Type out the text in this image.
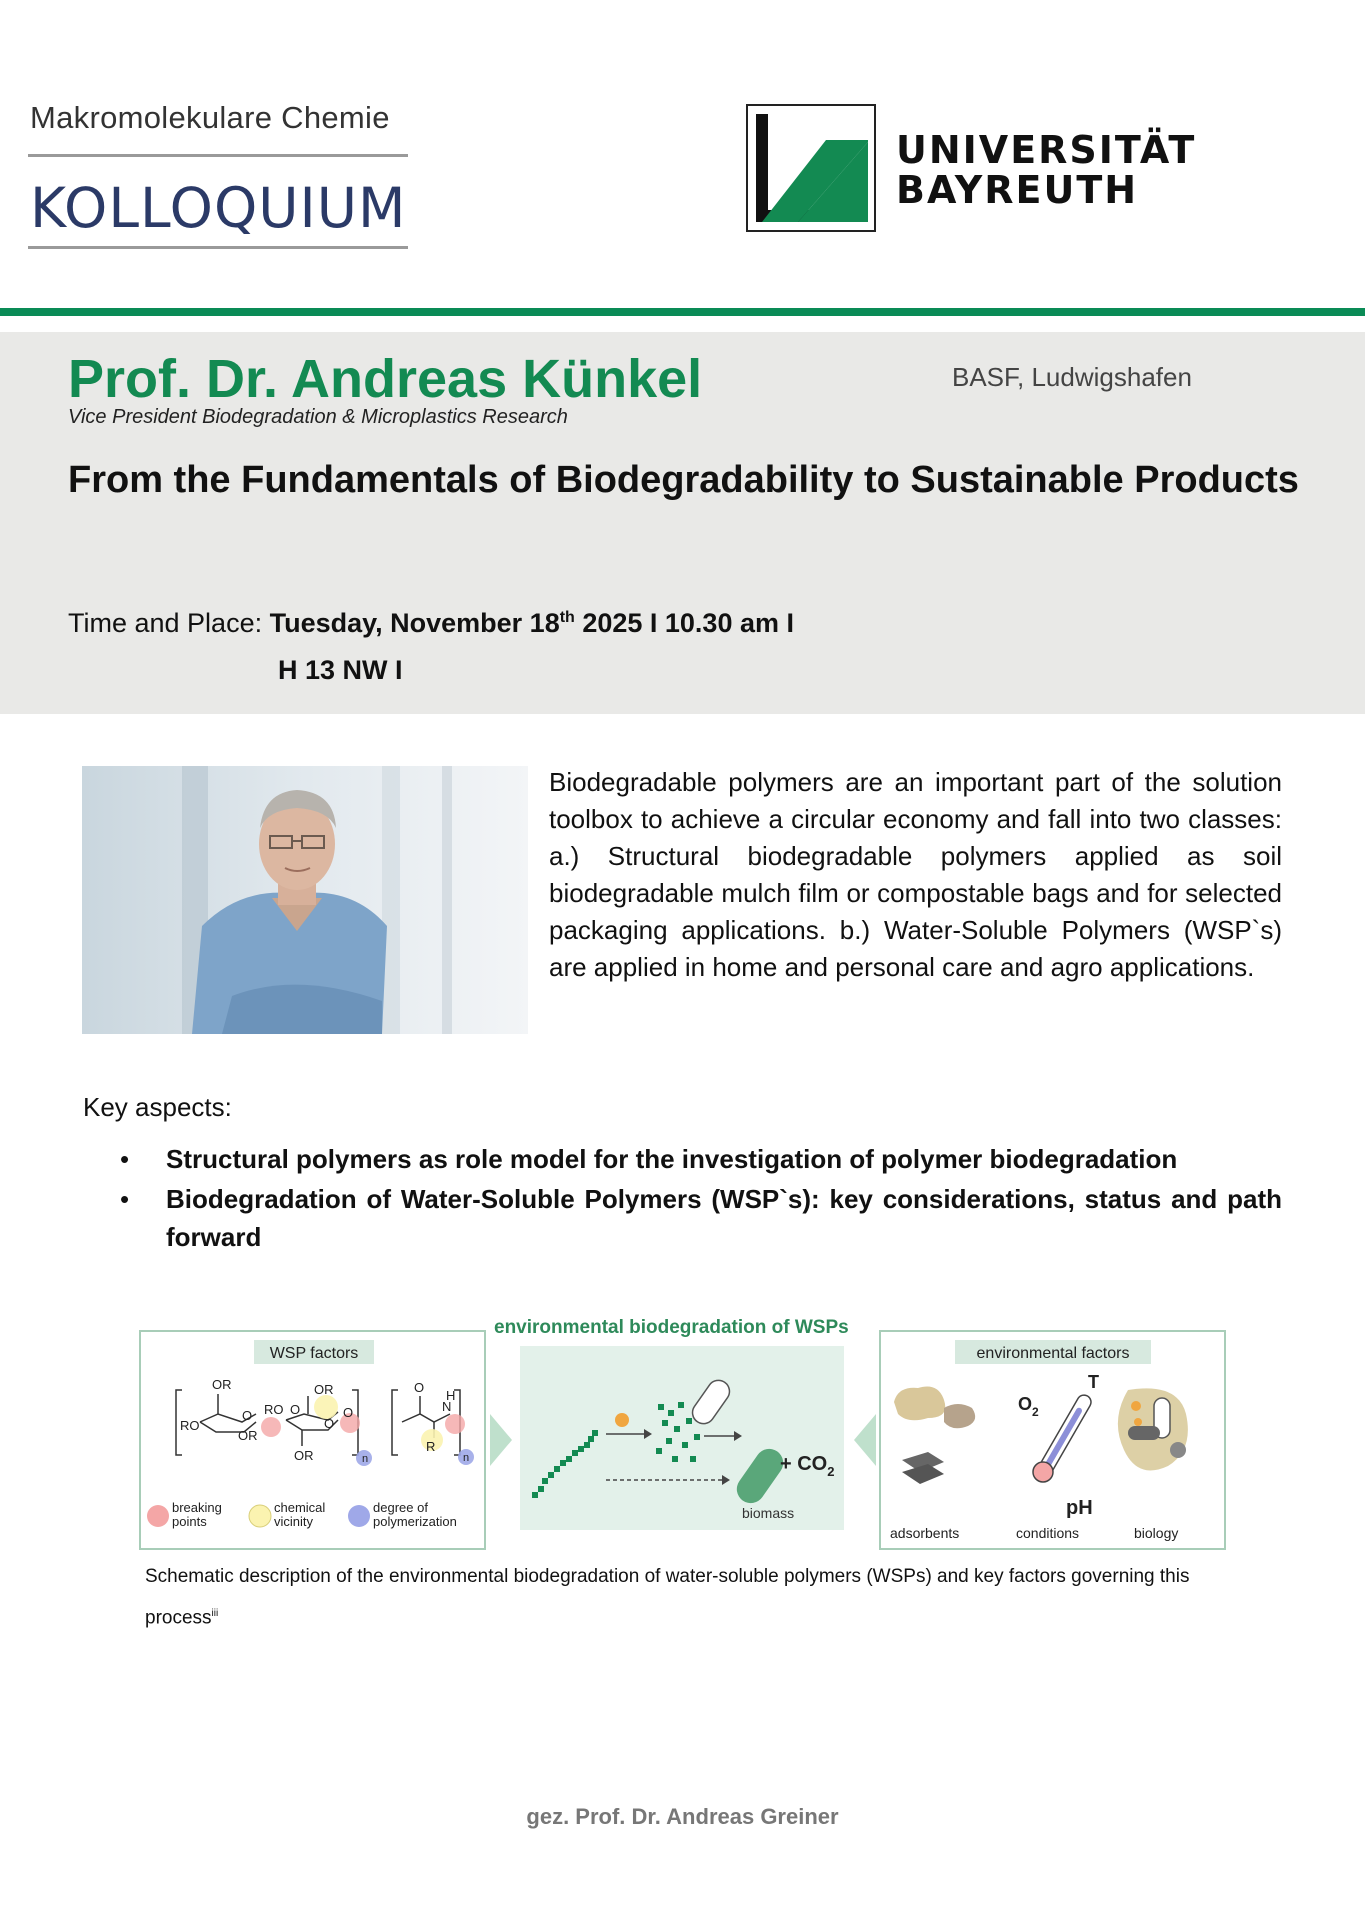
Makromolekulare Chemie
KOLLOQUIUM
UNIVERSITÄT
BAYREUTH
Prof. Dr. Andreas Künkel	BASF, Ludwigshafen
Vice President Biodegradation & Microplastics Research
From the Fundamentals of Biodegradability to Sustainable Products
Time and Place: Tuesday, November 18th 2025 I 10.30 am I
H 13 NW I
Biodegradable polymers are an important part of the solution toolbox to achieve a circular economy and fall into two classes: a.) Structural biodegradable polymers applied as soil biodegradable mulch film or compostable bags and for selected packaging applications. b.) Water-Soluble Polymers (WSP`s) are applied in home and personal care and agro applications.
Key aspects:
• Structural polymers as role model for the investigation of polymer biodegradation
• Biodegradation of Water-Soluble Polymers (WSP`s): key considerations, status and path forward
environmental biodegradation of WSPs
WSP factors
OR
RO
OR
RO
OR
OR
O	O
O
O
n
O
N
H
R
n
breaking
points
chemical
vicinity
degree of
polymerization
+ $CO_2$
biomass
environmental factors
adsorbents
$O_2$
T
pH
conditions	biology
Schematic description of the environmental biodegradation of water-soluble polymers (WSPs) and key factors governing this process$^{iii}$
gez. Prof. Dr. Andreas Greiner
